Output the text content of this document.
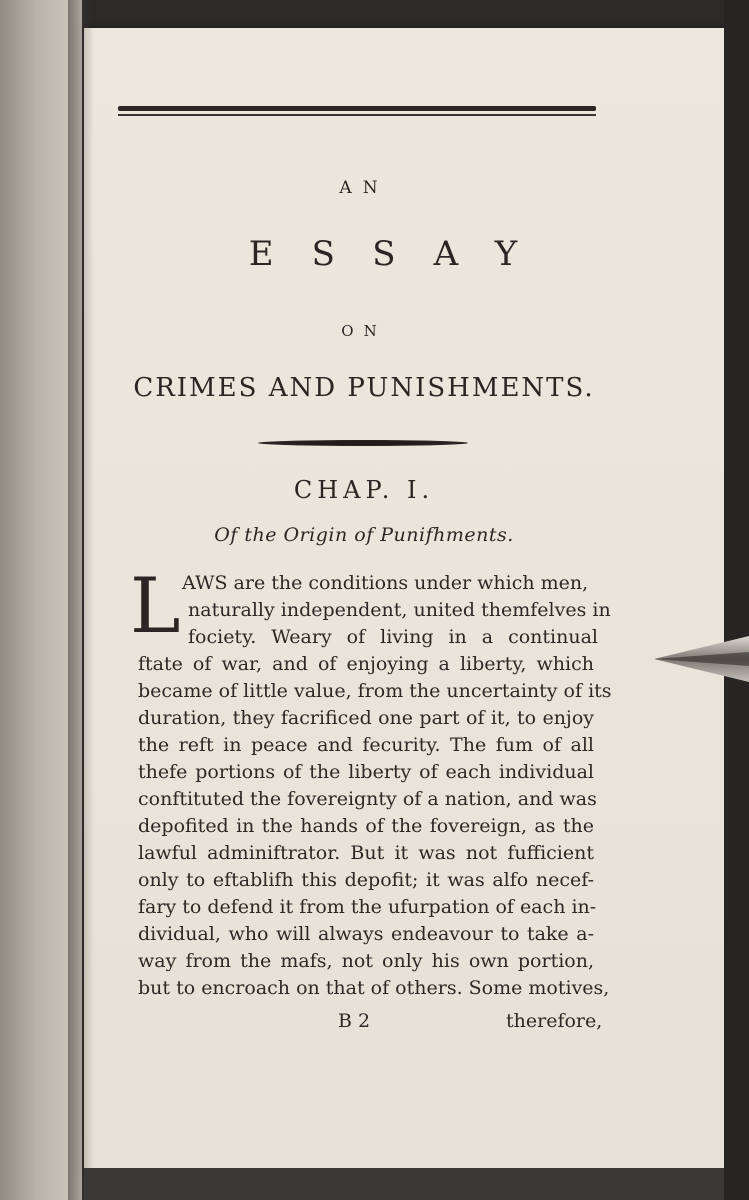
AN
ESSAY
ON
CRIMES AND PUNISHMENTS.
CHAP. I.
Of the Origin of Punifhments.
L AWS are the conditions under which men,
naturally independent, united themfelves in
fociety. Weary of living in a continual
ftate of war, and of enjoying a liberty, which
became of little value, from the uncertainty of its
duration, they facrificed one part of it, to enjoy
the reft in peace and fecurity. The fum of all
thefe portions of the liberty of each individual
conftituted the fovereignty of a nation, and was
depofited in the hands of the fovereign, as the
lawful adminiftrator. But it was not fufficient
only to eftablifh this depofit; it was alfo necef-
fary to defend it from the ufurpation of each in-
dividual, who will always endeavour to take a-
way from the mafs, not only his own portion,
but to encroach on that of others. Some motives,
B 2	therefore,
